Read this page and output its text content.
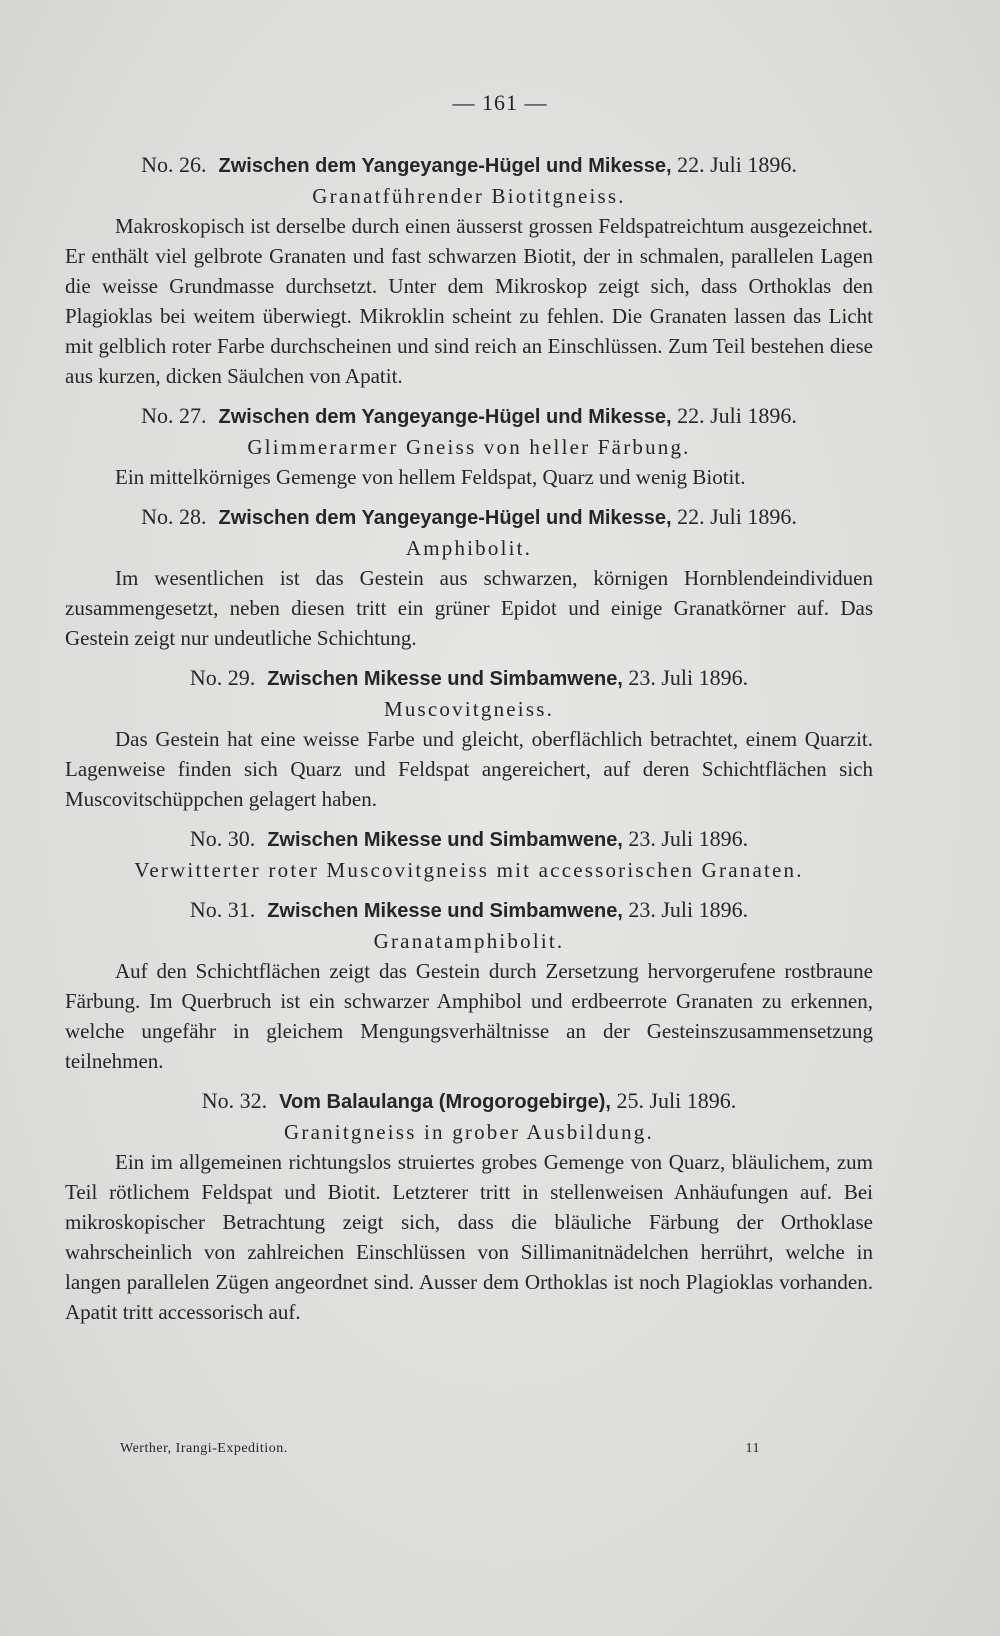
— 161 —
No. 26. Zwischen dem Yangeyange-Hügel und Mikesse, 22. Juli 1896.
Granatführender Biotitgneiss.

Makroskopisch ist derselbe durch einen äusserst grossen Feldspatreichtum ausgezeichnet. Er enthält viel gelbrote Granaten und fast schwarzen Biotit, der in schmalen, parallelen Lagen die weisse Grundmasse durchsetzt. Unter dem Mikroskop zeigt sich, dass Orthoklas den Plagioklas bei weitem überwiegt. Mikroklin scheint zu fehlen. Die Granaten lassen das Licht mit gelblich roter Farbe durchscheinen und sind reich an Einschlüssen. Zum Teil bestehen diese aus kurzen, dicken Säulchen von Apatit.

No. 27. Zwischen dem Yangeyange-Hügel und Mikesse, 22. Juli 1896.
Glimmerarmer Gneiss von heller Färbung.

Ein mittelkörniges Gemenge von hellem Feldspat, Quarz und wenig Biotit.

No. 28. Zwischen dem Yangeyange-Hügel und Mikesse, 22. Juli 1896.
Amphibolit.

Im wesentlichen ist das Gestein aus schwarzen, körnigen Hornblendeindividuen zusammengesetzt, neben diesen tritt ein grüner Epidot und einige Granatkörner auf. Das Gestein zeigt nur undeutliche Schichtung.

No. 29. Zwischen Mikesse und Simbamwene, 23. Juli 1896.
Muscovitgneiss.

Das Gestein hat eine weisse Farbe und gleicht, oberflächlich betrachtet, einem Quarzit. Lagenweise finden sich Quarz und Feldspat angereichert, auf deren Schichtflächen sich Muscovitschüppchen gelagert haben.

No. 30. Zwischen Mikesse und Simbamwene, 23. Juli 1896.
Verwitterter roter Muscovitgneiss mit accessorischen Granaten.
No. 31. Zwischen Mikesse und Simbamwene, 23. Juli 1896.
Granatamphibolit.

Auf den Schichtflächen zeigt das Gestein durch Zersetzung hervorgerufene rostbraune Färbung. Im Querbruch ist ein schwarzer Amphibol und erdbeerrote Granaten zu erkennen, welche ungefähr in gleichem Mengungsverhältnisse an der Gesteinszusammensetzung teilnehmen.

No. 32. Vom Balaulanga (Mrogorogebirge), 25. Juli 1896.
Granitgneiss in grober Ausbildung.

Ein im allgemeinen richtungslos struiertes grobes Gemenge von Quarz, bläulichem, zum Teil rötlichem Feldspat und Biotit. Letzterer tritt in stellenweisen Anhäufungen auf. Bei mikroskopischer Betrachtung zeigt sich, dass die bläuliche Färbung der Orthoklase wahrscheinlich von zahlreichen Einschlüssen von Sillimanitnädelchen herrührt, welche in langen parallelen Zügen angeordnet sind. Ausser dem Orthoklas ist noch Plagioklas vorhanden. Apatit tritt accessorisch auf.

Werther, Irangi-Expedition.	11
